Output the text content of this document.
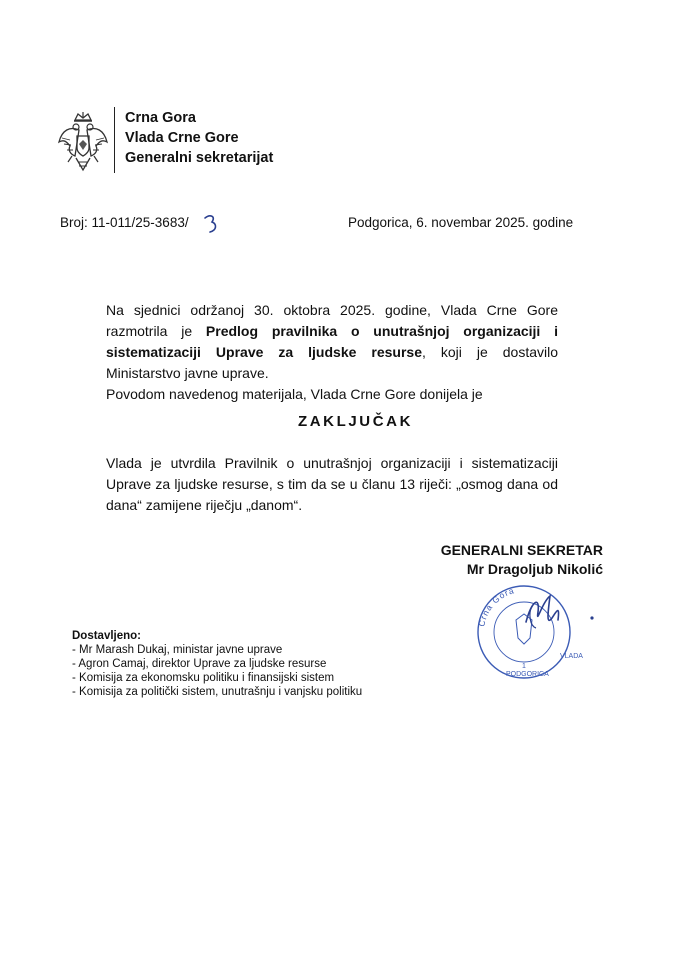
Crna Gora
Vlada Crne Gore
Generalni sekretarijat
Broj: 11-011/25-3683/
3
Podgorica, 6. novembar 2025. godine
Na sjednici održanoj 30. oktobra 2025. godine, Vlada Crne Gore razmotrila je Predlog pravilnika o unutrašnjoj organizaciji i sistematizaciji Uprave za ljudske resurse, koji je dostavilo Ministarstvo javne uprave.
Povodom navedenog materijala, Vlada Crne Gore donijela je
ZAKLJUČAK
Vlada je utvrdila Pravilnik o unutrašnjoj organizaciji i sistematizaciji Uprave za ljudske resurse, s tim da se u članu 13 riječi: „osmog dana od dana“ zamijene riječju „danom“.
GENERALNI SEKRETAR
Mr Dragoljub Nikolić
Crna Gora
VLADA
PODGORICA
1
Dostavljeno:
- Mr Marash Dukaj, ministar javne uprave
- Agron Camaj, direktor Uprave za ljudske resurse
- Komisija za ekonomsku politiku i finansijski sistem
- Komisija za politički sistem, unutrašnju i vanjsku politiku
